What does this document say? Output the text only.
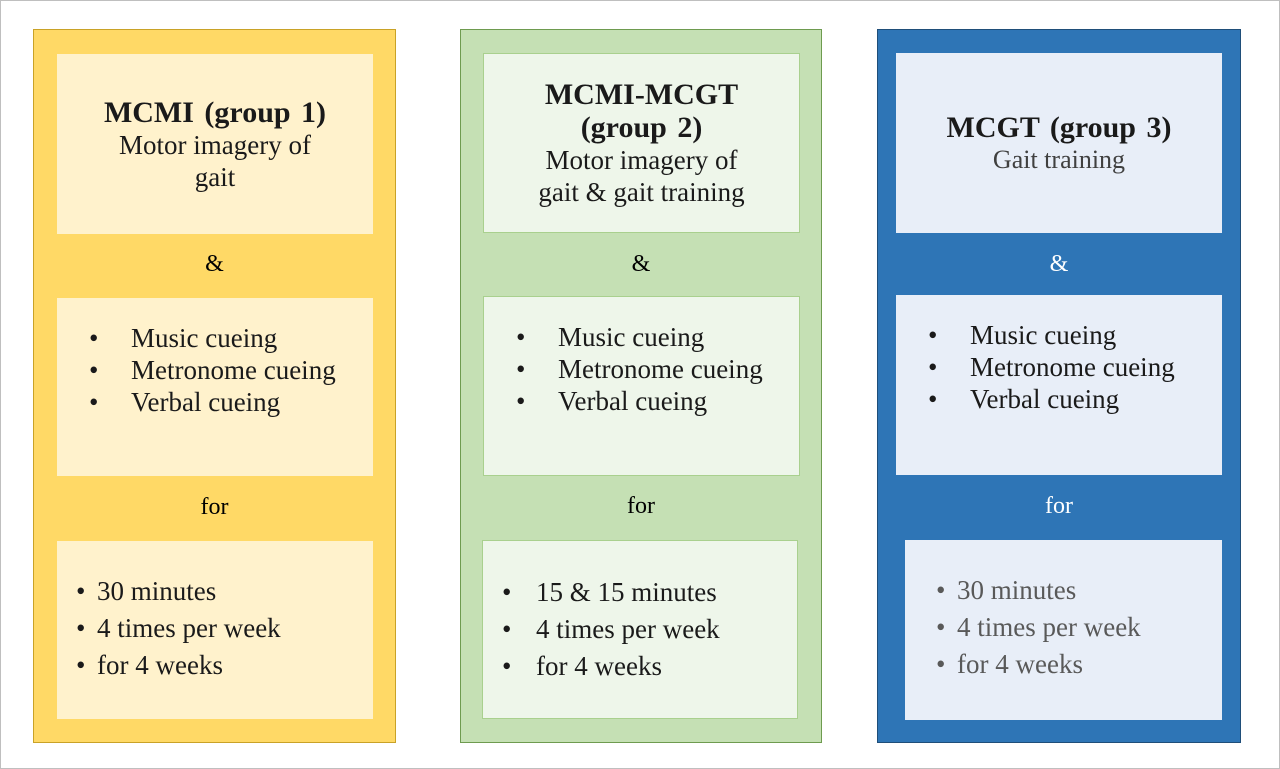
MCMI (group 1)
Motor imagery of
gait
&
• Music cueing
• Metronome cueing
• Verbal cueing
for
• 30 minutes
• 4 times per week
• for 4 weeks
MCMI-MCGT
(group 2)
Motor imagery of
gait & gait training
&
• Music cueing
• Metronome cueing
• Verbal cueing
for
• 15 & 15 minutes
• 4 times per week
• for 4 weeks
MCGT (group 3)
Gait training
&
• Music cueing
• Metronome cueing
• Verbal cueing
for
• 30 minutes
• 4 times per week
• for 4 weeks
